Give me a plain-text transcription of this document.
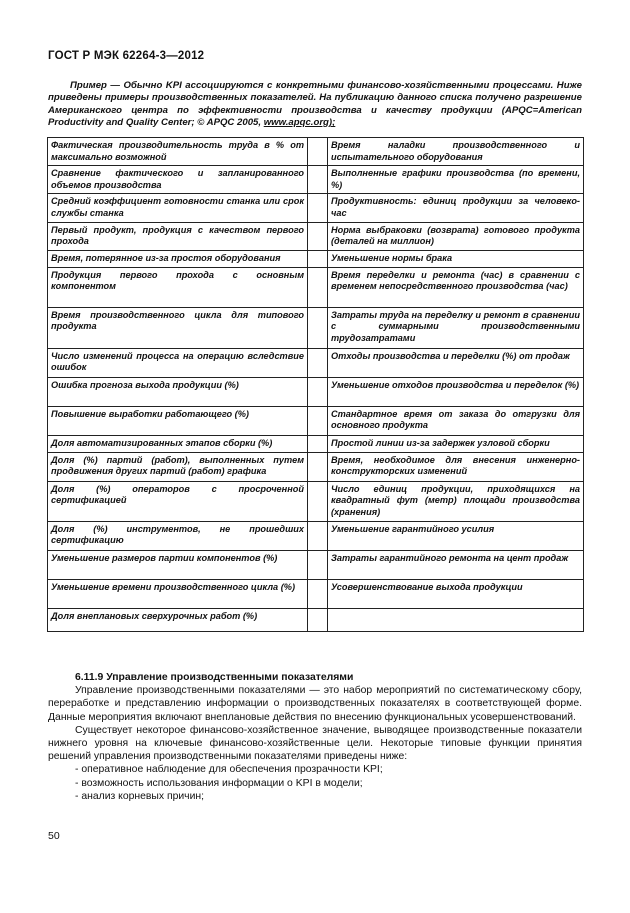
ГОСТ Р МЭК 62264-3—2012
Пример — Обычно KPI ассоциируются с конкретными финансово-хозяйственными процессами. Ниже приведены примеры производственных показателей. На публикацию данного списка получено разрешение Американского центра по эффективности производства и качеству продукции (APQC=American Productivity and Quality Center; © APQC 2005, www.apqc.org);
Фактическая производительность труда в % от максимально возможной		Время наладки производственного и испытательного оборудования
Сравнение фактического и запланированного объемов производства		Выполненные графики производства (по времени, %)
Средний коэффициент готовности станка или срок службы станка		Продуктивность: единиц продукции за человеко-час
Первый продукт, продукция с качеством первого прохода		Норма выбраковки (возврата) готового продукта (деталей на миллион)
Время, потерянное из-за простоя оборудования		Уменьшение нормы брака
Продукция первого прохода с основным компонентом		Время переделки и ремонта (час) в сравнении с временем непосредственного производства (час)
Время производственного цикла для типового продукта		Затраты труда на переделку и ремонт в сравнении с суммарными производственными трудозатратами
Число изменений процесса на операцию вследствие ошибок		Отходы производства и переделки (%) от продаж
Ошибка прогноза выхода продукции (%)		Уменьшение отходов производства и переделок (%)
Повышение выработки работающего (%)		Стандартное время от заказа до отгрузки для основного продукта
Доля автоматизированных этапов сборки (%)		Простой линии из-за задержек узловой сборки
Доля (%) партий (работ), выполненных путем продвижения других партий (работ) графика		Время, необходимое для внесения инженерно-конструкторских изменений
Доля (%) операторов с просроченной сертификацией		Число единиц продукции, приходящихся на квадратный фут (метр) площади производства (хранения)
Доля (%) инструментов, не прошедших сертификацию		Уменьшение гарантийного усилия
Уменьшение размеров партии компонентов (%)		Затраты гарантийного ремонта на цент продаж
Уменьшение времени производственного цикла (%)		Усовершенствование выхода продукции
Доля внеплановых сверхурочных работ (%)		
6.11.9 Управление производственными показателями

Управление производственными показателями — это набор мероприятий по систематическому сбору, переработке и представлению информации о производственных показателях в соответствующей форме. Данные мероприятия включают внеплановые действия по внесению функциональных усовершенствований.

Существует некоторое финансово-хозяйственное значение, выводящее производственные показатели нижнего уровня на ключевые финансово-хозяйственные цели. Некоторые типовые функции принятия решений управления производственными показателями приведены ниже:

- оперативное наблюдение для обеспечения прозрачности KPI;
- возможность использования информации о KPI в модели;
- анализ корневых причин;
50
